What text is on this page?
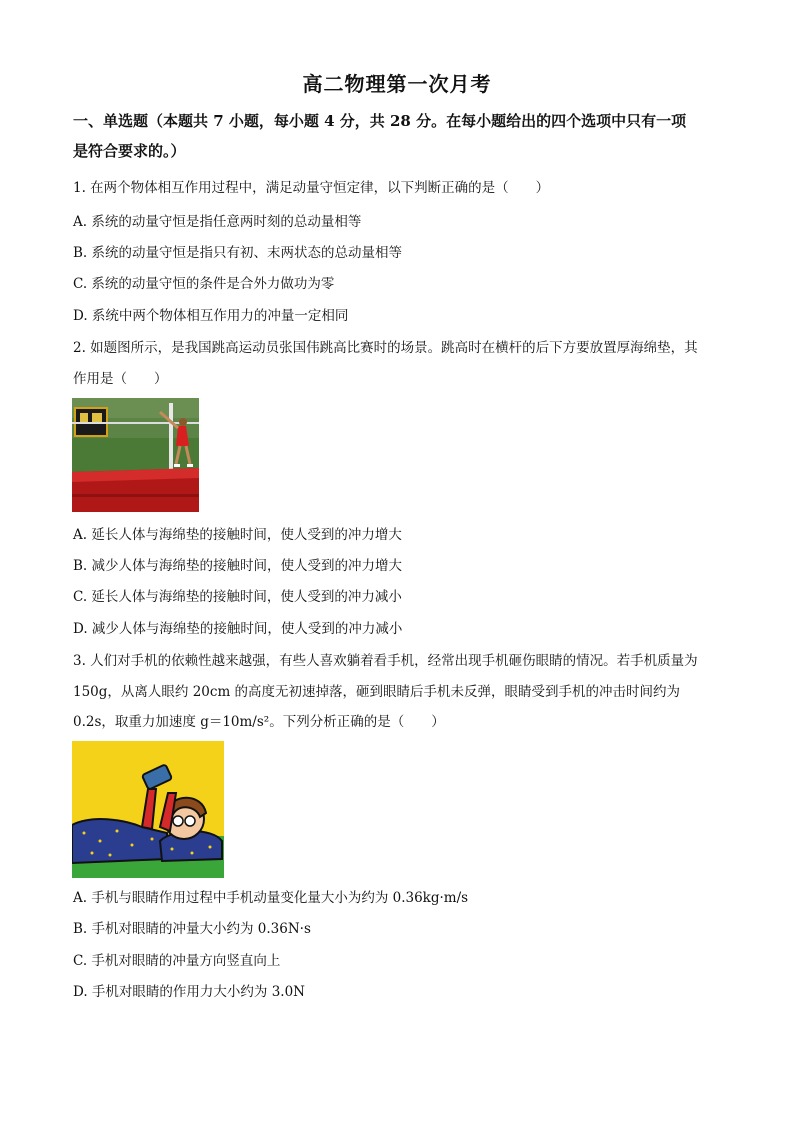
高二物理第一次月考
一、单选题（本题共 7 小题，每小题 4 分，共 28 分。在每小题给出的四个选项中只有一项
是符合要求的。）
1. 在两个物体相互作用过程中，满足动量守恒定律，以下判断正确的是（　　）
A. 系统的动量守恒是指任意两时刻的总动量相等
B. 系统的动量守恒是指只有初、末两状态的总动量相等
C. 系统的动量守恒的条件是合外力做功为零
D. 系统中两个物体相互作用力的冲量一定相同
2. 如题图所示，是我国跳高运动员张国伟跳高比赛时的场景。跳高时在横杆的后下方要放置厚海绵垫，其
作用是（　　）
A. 延长人体与海绵垫的接触时间，使人受到的冲力增大
B. 减少人体与海绵垫的接触时间，使人受到的冲力增大
C. 延长人体与海绵垫的接触时间，使人受到的冲力减小
D. 减少人体与海绵垫的接触时间，使人受到的冲力减小
3. 人们对手机的依赖性越来越强，有些人喜欢躺着看手机，经常出现手机砸伤眼睛的情况。若手机质量为
150g，从离人眼约 20cm 的高度无初速掉落，砸到眼睛后手机未反弹，眼睛受到手机的冲击时间约为
0.2s，取重力加速度 g＝10m/s²。下列分析正确的是（　　）
A. 手机与眼睛作用过程中手机动量变化量大小为约为 0.36kg·m/s
B. 手机对眼睛的冲量大小约为 0.36N·s
C. 手机对眼睛的冲量方向竖直向上
D. 手机对眼睛的作用力大小约为 3.0N
